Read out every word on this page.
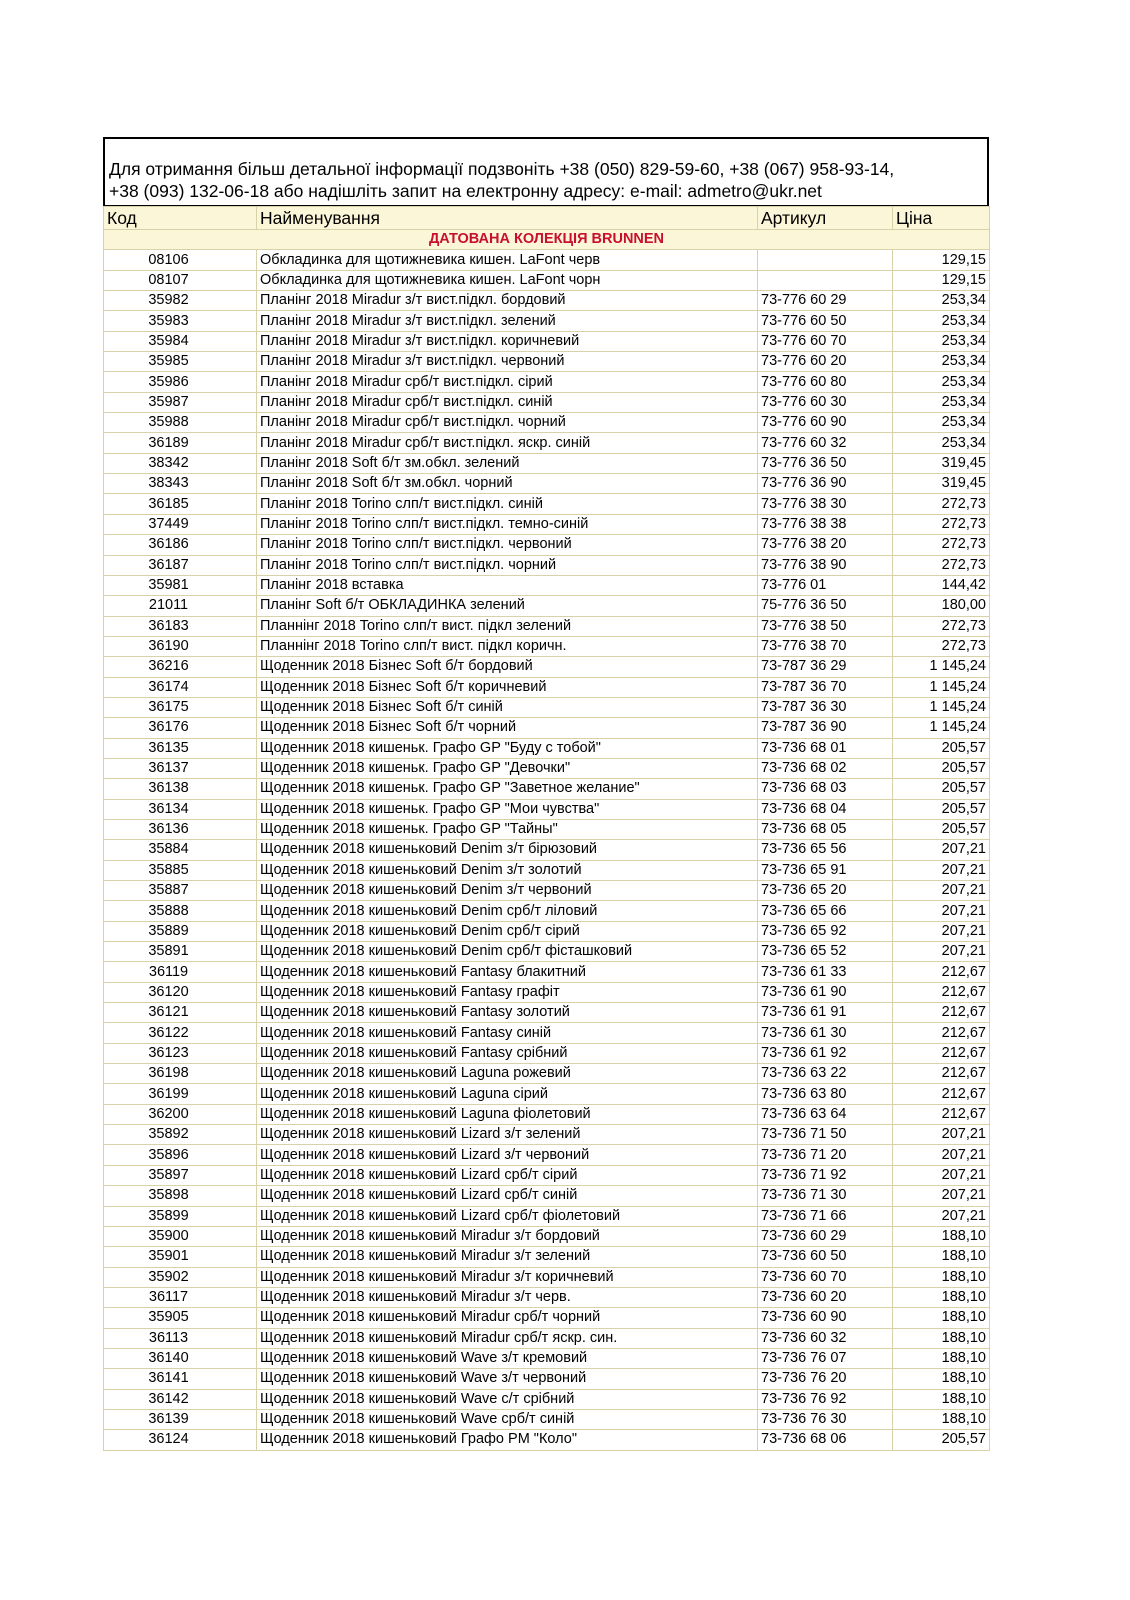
Для отримання більш детальної інформації подзвоніть +38 (050) 829-59-60, +38 (067) 958-93-14,
+38 (093) 132-06-18 або надішліть запит на електронну адресу: e-mail: admetro@ukr.net
Код	Найменування	Артикул	Ціна
ДАТОВАНА КОЛЕКЦІЯ BRUNNEN			
08106	Обкладинка для щотижневика кишен. LaFont черв		129,15
08107	Обкладинка для щотижневика кишен. LaFont чорн		129,15
35982	Планінг 2018 Miradur з/т вист.підкл. бордовий	73-776 60 29	253,34
35983	Планінг 2018 Miradur з/т вист.підкл. зелений	73-776 60 50	253,34
35984	Планінг 2018 Miradur з/т вист.підкл. коричневий	73-776 60 70	253,34
35985	Планінг 2018 Miradur з/т вист.підкл. червоний	73-776 60 20	253,34
35986	Планінг 2018 Miradur срб/т вист.підкл. сірий	73-776 60 80	253,34
35987	Планінг 2018 Miradur срб/т вист.підкл. синій	73-776 60 30	253,34
35988	Планінг 2018 Miradur срб/т вист.підкл. чорний	73-776 60 90	253,34
36189	Планінг 2018 Miradur срб/т вист.підкл. яскр. синій	73-776 60 32	253,34
38342	Планінг 2018 Soft б/т зм.обкл. зелений	73-776 36 50	319,45
38343	Планінг 2018 Soft б/т зм.обкл. чорний	73-776 36 90	319,45
36185	Планінг 2018 Torino слп/т вист.підкл. синій	73-776 38 30	272,73
37449	Планінг 2018 Torino слп/т вист.підкл. темно-синій	73-776 38 38	272,73
36186	Планінг 2018 Torino слп/т вист.підкл. червоний	73-776 38 20	272,73
36187	Планінг 2018 Torino слп/т вист.підкл. чорний	73-776 38 90	272,73
35981	Планінг 2018 вставка	73-776 01	144,42
21011	Планінг Soft б/т ОБКЛАДИНКА зелений	75-776 36 50	180,00
36183	Планнінг 2018 Torino слп/т вист. підкл зелений	73-776 38 50	272,73
36190	Планнінг 2018 Torino слп/т вист. підкл коричн.	73-776 38 70	272,73
36216	Щоденник 2018 Бізнес Soft б/т бордовий	73-787 36 29	1 145,24
36174	Щоденник 2018 Бізнес Soft б/т коричневий	73-787 36 70	1 145,24
36175	Щоденник 2018 Бізнес Soft б/т синій	73-787 36 30	1 145,24
36176	Щоденник 2018 Бізнес Soft б/т чорний	73-787 36 90	1 145,24
36135	Щоденник 2018 кишеньк. Графо GP "Буду с тобой"	73-736 68 01	205,57
36137	Щоденник 2018 кишеньк. Графо GP "Девочки"	73-736 68 02	205,57
36138	Щоденник 2018 кишеньк. Графо GP "Заветное желание"	73-736 68 03	205,57
36134	Щоденник 2018 кишеньк. Графо GP "Мои чувства"	73-736 68 04	205,57
36136	Щоденник 2018 кишеньк. Графо GP "Тайны"	73-736 68 05	205,57
35884	Щоденник 2018 кишеньковий Denim з/т бірюзовий	73-736 65 56	207,21
35885	Щоденник 2018 кишеньковий Denim з/т золотий	73-736 65 91	207,21
35887	Щоденник 2018 кишеньковий Denim з/т червоний	73-736 65 20	207,21
35888	Щоденник 2018 кишеньковий Denim срб/т ліловий	73-736 65 66	207,21
35889	Щоденник 2018 кишеньковий Denim срб/т сірий	73-736 65 92	207,21
35891	Щоденник 2018 кишеньковий Denim срб/т фісташковий	73-736 65 52	207,21
36119	Щоденник 2018 кишеньковий Fantasy блакитний	73-736 61 33	212,67
36120	Щоденник 2018 кишеньковий Fantasy графіт	73-736 61 90	212,67
36121	Щоденник 2018 кишеньковий Fantasy золотий	73-736 61 91	212,67
36122	Щоденник 2018 кишеньковий Fantasy синій	73-736 61 30	212,67
36123	Щоденник 2018 кишеньковий Fantasy срібний	73-736 61 92	212,67
36198	Щоденник 2018 кишеньковий Laguna рожевий	73-736 63 22	212,67
36199	Щоденник 2018 кишеньковий Laguna сірий	73-736 63 80	212,67
36200	Щоденник 2018 кишеньковий Laguna фіолетовий	73-736 63 64	212,67
35892	Щоденник 2018 кишеньковий Lizard з/т зелений	73-736 71 50	207,21
35896	Щоденник 2018 кишеньковий Lizard з/т червоний	73-736 71 20	207,21
35897	Щоденник 2018 кишеньковий Lizard срб/т сірий	73-736 71 92	207,21
35898	Щоденник 2018 кишеньковий Lizard срб/т синій	73-736 71 30	207,21
35899	Щоденник 2018 кишеньковий Lizard срб/т фіолетовий	73-736 71 66	207,21
35900	Щоденник 2018 кишеньковий Miradur з/т бордовий	73-736 60 29	188,10
35901	Щоденник 2018 кишеньковий Miradur з/т зелений	73-736 60 50	188,10
35902	Щоденник 2018 кишеньковий Miradur з/т коричневий	73-736 60 70	188,10
36117	Щоденник 2018 кишеньковий Miradur з/т черв.	73-736 60 20	188,10
35905	Щоденник 2018 кишеньковий Miradur срб/т чорний	73-736 60 90	188,10
36113	Щоденник 2018 кишеньковий Miradur срб/т яскр. син.	73-736 60 32	188,10
36140	Щоденник 2018 кишеньковий Wave з/т кремовий	73-736 76 07	188,10
36141	Щоденник 2018 кишеньковий Wave з/т червоний	73-736 76 20	188,10
36142	Щоденник 2018 кишеньковий Wave с/т срібний	73-736 76 92	188,10
36139	Щоденник 2018 кишеньковий Wave срб/т синій	73-736 76 30	188,10
36124	Щоденник 2018 кишеньковий Графо PM "Коло"	73-736 68 06	205,57
